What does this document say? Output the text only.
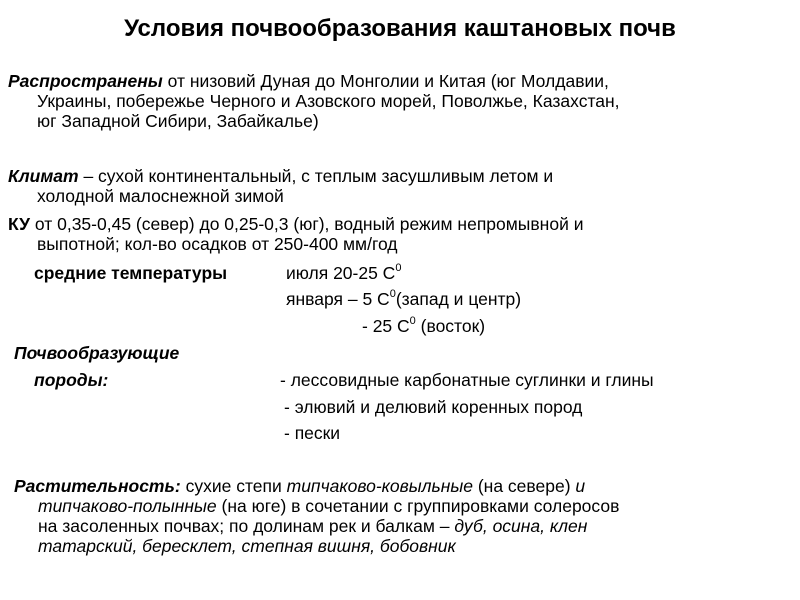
Условия почвообразования каштановых почв
Распространены от низовий Дуная до Монголии и Китая (юг Молдавии,
Украины, побережье Черного и Азовского морей, Поволжье, Казахстан,
юг Западной Сибири, Забайкалье)
Климат – сухой континентальный, с теплым засушливым летом и
холодной малоснежной зимой
КУ от 0,35-0,45 (север) до 0,25-0,3 (юг), водный режим непромывной и
выпотной; кол-во осадков от 250-400 мм/год
средние температуры	июля 20-25 $С^0$
января – 5 $С^0(запад$ и центр)
- 25 $С^0$ (восток)
Почвообразующие
породы:	- лессовидные карбонатные суглинки и глины
- элювий и делювий коренных пород
- пески
Растительность: сухие степи типчаково-ковыльные (на севере) и
типчаково-полынные (на юге) в сочетании с группировками солеросов
на засоленных почвах; по долинам рек и балкам – дуб, осина, клен
татарский, бересклет, степная вишня, бобовник
